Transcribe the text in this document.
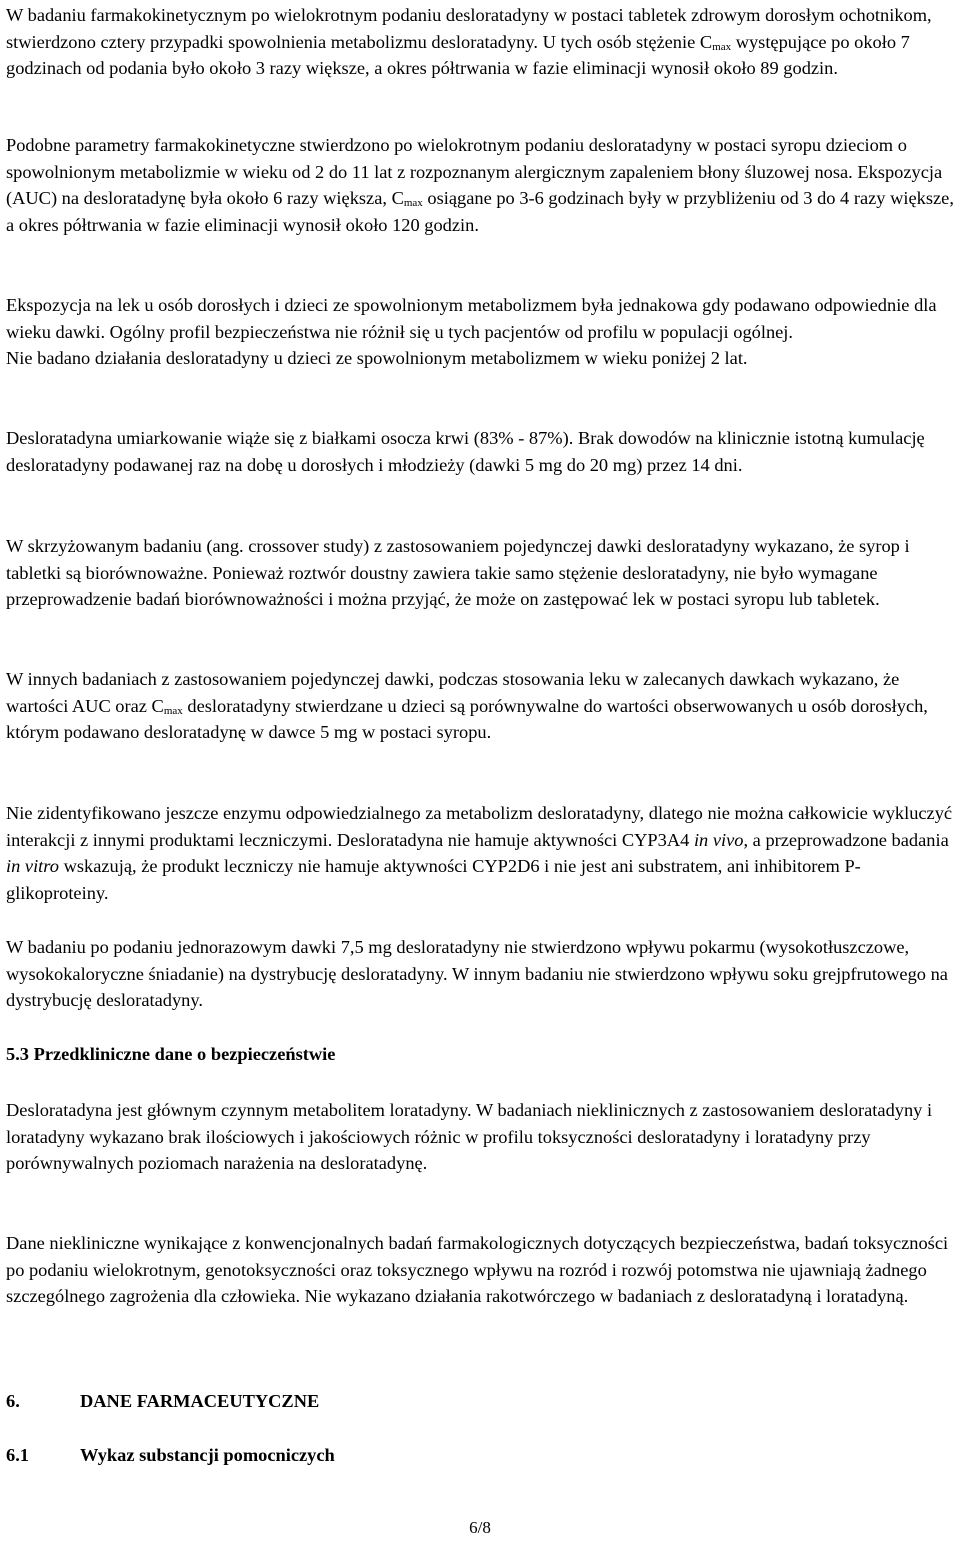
W badaniu farmakokinetycznym po wielokrotnym podaniu desloratadyny w postaci tabletek zdrowym dorosłym ochotnikom, stwierdzono cztery przypadki spowolnienia metabolizmu desloratadyny. U tych osób stężenie Cmax występujące po około 7 godzinach od podania było około 3 razy większe, a okres półtrwania w fazie eliminacji wynosił około 89 godzin.

Podobne parametry farmakokinetyczne stwierdzono po wielokrotnym podaniu desloratadyny w postaci syropu dzieciom o spowolnionym metabolizmie w wieku od 2 do 11 lat z rozpoznanym alergicznym zapaleniem błony śluzowej nosa. Ekspozycja (AUC) na desloratadynę była około 6 razy większa, Cmax osiągane po 3-6 godzinach były w przybliżeniu od 3 do 4 razy większe, a okres półtrwania w fazie eliminacji wynosił około 120 godzin.

Ekspozycja na lek u osób dorosłych i dzieci ze spowolnionym metabolizmem była jednakowa gdy podawano odpowiednie dla wieku dawki. Ogólny profil bezpieczeństwa nie różnił się u tych pacjentów od profilu w populacji ogólnej.
Nie badano działania desloratadyny u dzieci ze spowolnionym metabolizmem w wieku poniżej 2 lat.

Desloratadyna umiarkowanie wiąże się z białkami osocza krwi (83% - 87%). Brak dowodów na klinicznie istotną kumulację desloratadyny podawanej raz na dobę u dorosłych i młodzieży (dawki 5 mg do 20 mg) przez 14 dni.

W skrzyżowanym badaniu (ang. crossover study) z zastosowaniem pojedynczej dawki desloratadyny wykazano, że syrop i tabletki są biorównoważne. Ponieważ roztwór doustny zawiera takie samo stężenie desloratadyny, nie było wymagane przeprowadzenie badań biorównoważności i można przyjąć, że może on zastępować lek w postaci syropu lub tabletek.

W innych badaniach z zastosowaniem pojedynczej dawki, podczas stosowania leku w zalecanych dawkach wykazano, że wartości AUC oraz Cmax desloratadyny stwierdzane u dzieci są porównywalne do wartości obserwowanych u osób dorosłych, którym podawano desloratadynę w dawce 5 mg w postaci syropu.

Nie zidentyfikowano jeszcze enzymu odpowiedzialnego za metabolizm desloratadyny, dlatego nie można całkowicie wykluczyć interakcji z innymi produktami leczniczymi. Desloratadyna nie hamuje aktywności CYP3A4 in vivo, a przeprowadzone badania in vitro wskazują, że produkt leczniczy nie hamuje aktywności CYP2D6 i nie jest ani substratem, ani inhibitorem P-glikoproteiny.

W badaniu po podaniu jednorazowym dawki 7,5 mg desloratadyny nie stwierdzono wpływu pokarmu (wysokotłuszczowe, wysokokaloryczne śniadanie) na dystrybucję desloratadyny. W innym badaniu nie stwierdzono wpływu soku grejpfrutowego na dystrybucję desloratadyny.

5.3 Przedkliniczne dane o bezpieczeństwie

Desloratadyna jest głównym czynnym metabolitem loratadyny. W badaniach nieklinicznych z zastosowaniem desloratadyny i loratadyny wykazano brak ilościowych i jakościowych różnic w profilu toksyczności desloratadyny i loratadyny przy porównywalnych poziomach narażenia na desloratadynę.

Dane niekliniczne wynikające z konwencjonalnych badań farmakologicznych dotyczących bezpieczeństwa, badań toksyczności po podaniu wielokrotnym, genotoksyczności oraz toksycznego wpływu na rozród i rozwój potomstwa nie ujawniają żadnego szczególnego zagrożenia dla człowieka. Nie wykazano działania rakotwórczego w badaniach z desloratadyną i loratadyną.

6.	DANE FARMACEUTYCZNE

6.1	Wykaz substancji pomocniczych

6/8
